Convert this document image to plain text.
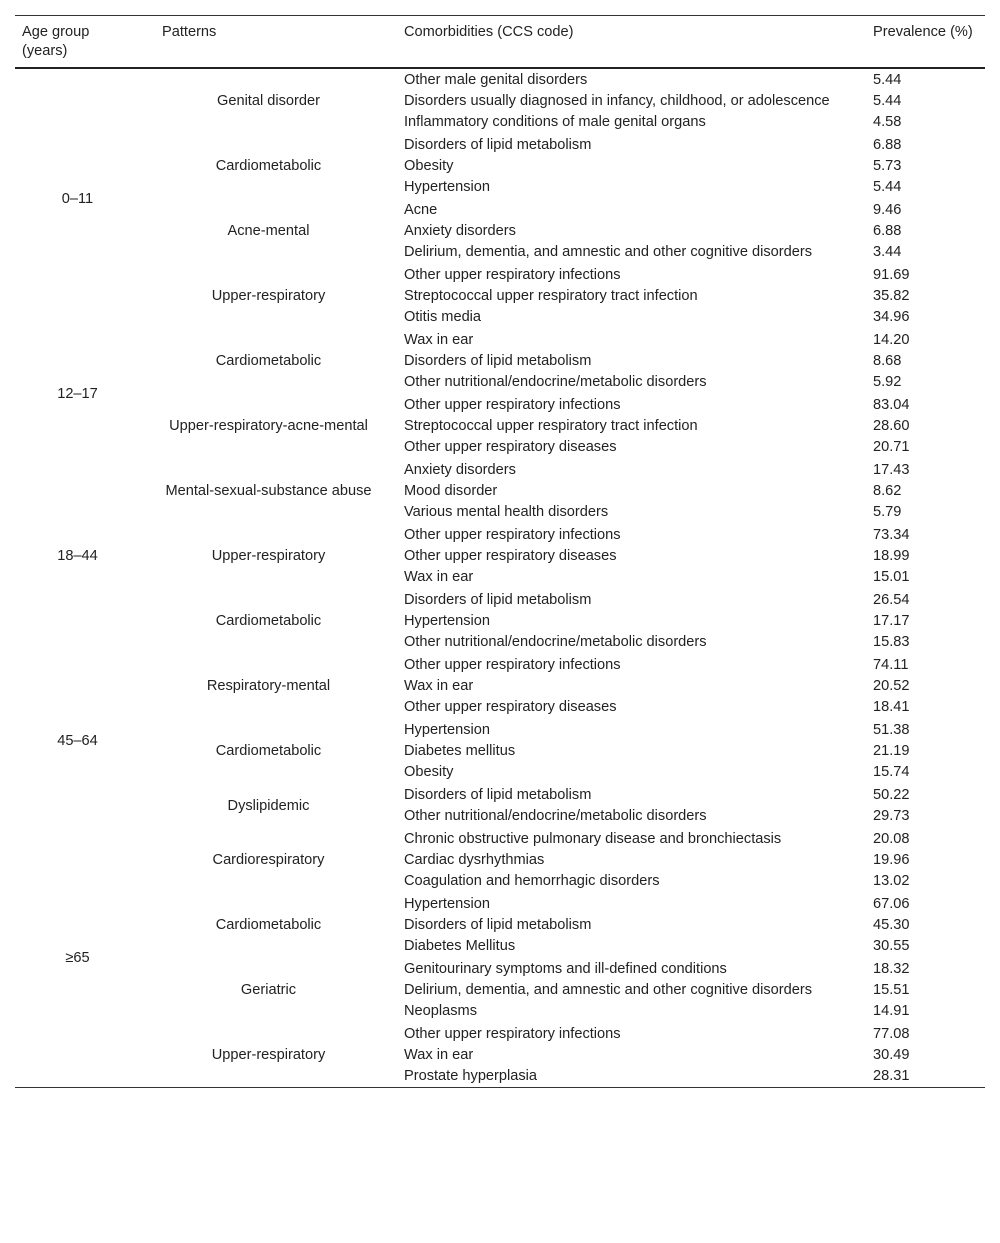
Age group (years)	Patterns	Comorbidities (CCS code)	Prevalence (%)
0–11	Genital disorder	Other male genital disorders	5.44
		Disorders usually diagnosed in infancy, childhood, or adolescence	5.44
		Inflammatory conditions of male genital organs	4.58
	Cardiometabolic	Disorders of lipid metabolism	6.88
		Obesity	5.73
		Hypertension	5.44
	Acne-mental	Acne	9.46
		Anxiety disorders	6.88
		Delirium, dementia, and amnestic and other cognitive disorders	3.44
	Upper-respiratory	Other upper respiratory infections	91.69
		Streptococcal upper respiratory tract infection	35.82
		Otitis media	34.96
12–17	Cardiometabolic	Wax in ear	14.20
		Disorders of lipid metabolism	8.68
		Other nutritional/endocrine/metabolic disorders	5.92
	Upper-respiratory-acne-mental	Other upper respiratory infections	83.04
		Streptococcal upper respiratory tract infection	28.60
		Other upper respiratory diseases	20.71
18–44	Mental-sexual-substance abuse	Anxiety disorders	17.43
		Mood disorder	8.62
		Various mental health disorders	5.79
	Upper-respiratory	Other upper respiratory infections	73.34
		Other upper respiratory diseases	18.99
		Wax in ear	15.01
	Cardiometabolic	Disorders of lipid metabolism	26.54
		Hypertension	17.17
		Other nutritional/endocrine/metabolic disorders	15.83
45–64	Respiratory-mental	Other upper respiratory infections	74.11
		Wax in ear	20.52
		Other upper respiratory diseases	18.41
	Cardiometabolic	Hypertension	51.38
		Diabetes mellitus	21.19
		Obesity	15.74
	Dyslipidemic	Disorders of lipid metabolism	50.22
		Other nutritional/endocrine/metabolic disorders	29.73
≥65	Cardiorespiratory	Chronic obstructive pulmonary disease and bronchiectasis	20.08
		Cardiac dysrhythmias	19.96
		Coagulation and hemorrhagic disorders	13.02
	Cardiometabolic	Hypertension	67.06
		Disorders of lipid metabolism	45.30
		Diabetes Mellitus	30.55
	Geriatric	Genitourinary symptoms and ill-defined conditions	18.32
		Delirium, dementia, and amnestic and other cognitive disorders	15.51
		Neoplasms	14.91
	Upper-respiratory	Other upper respiratory infections	77.08
		Wax in ear	30.49
		Prostate hyperplasia	28.31
